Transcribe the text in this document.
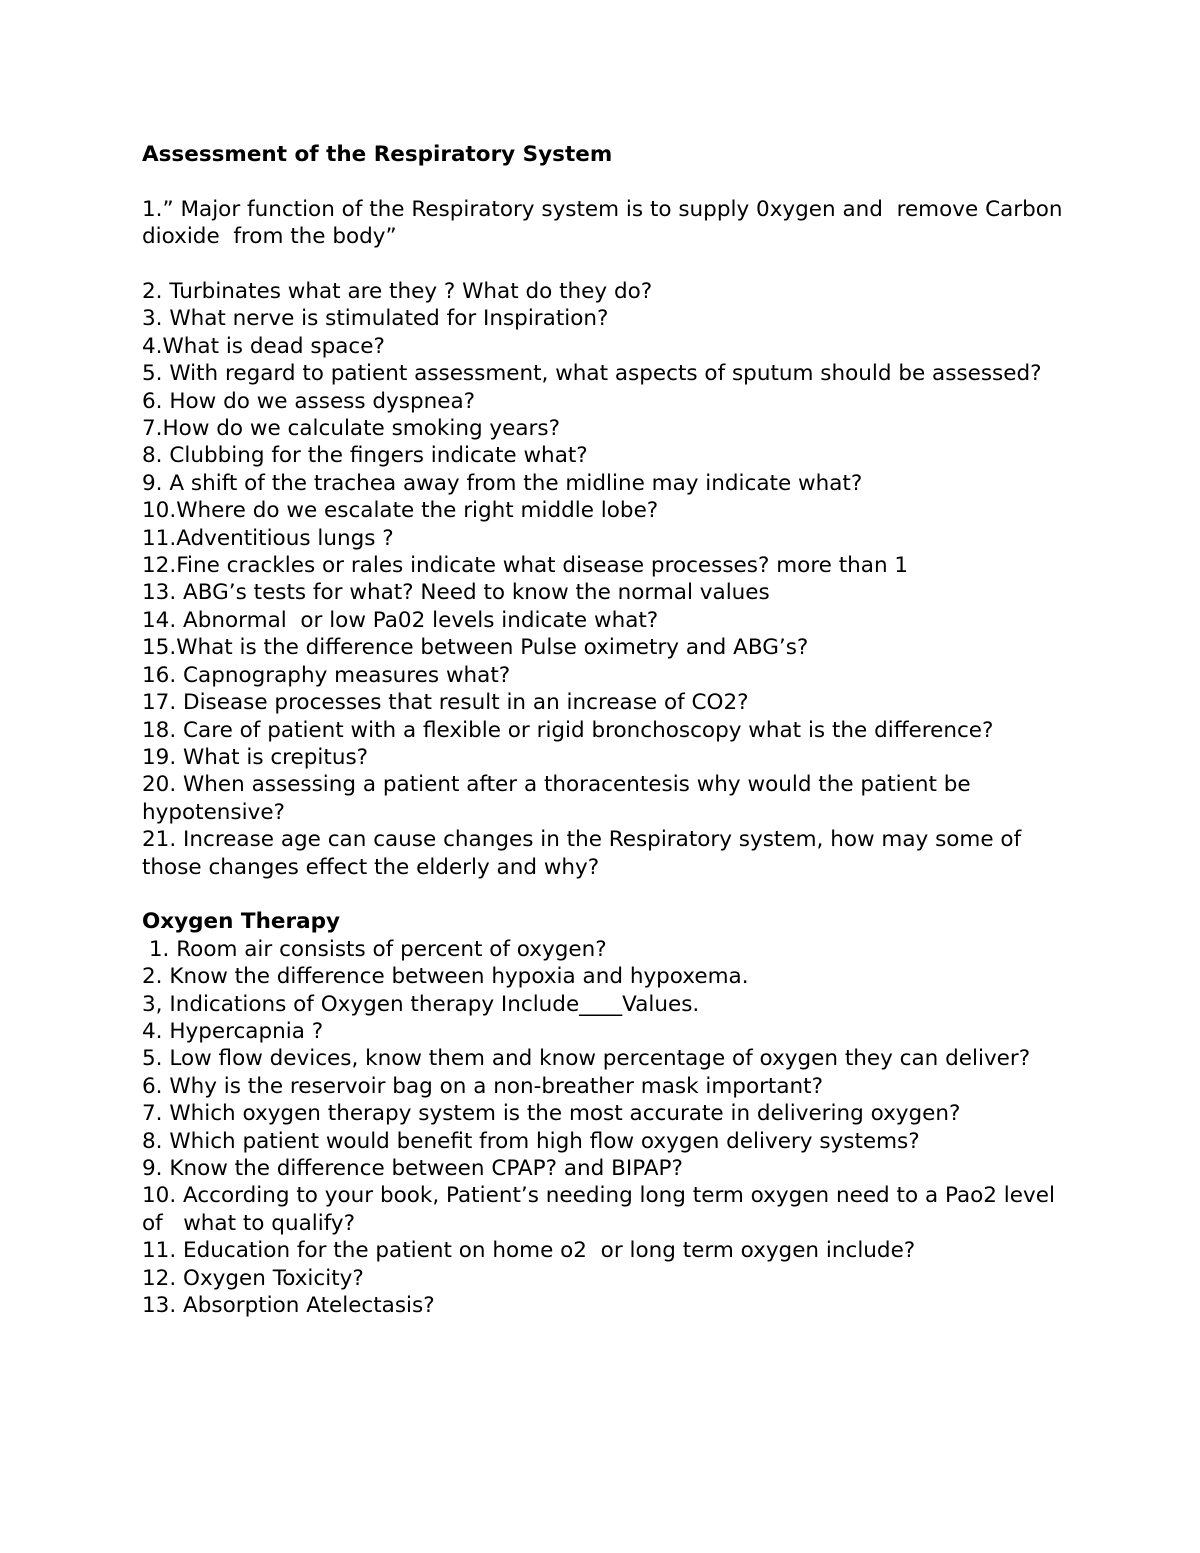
Assessment of the Respiratory System

1.” Major function of the Respiratory system is to supply 0xygen and  remove Carbon dioxide  from the body”

2. Turbinates what are they ? What do they do?

3. What nerve is stimulated for Inspiration?

4.What is dead space?

5. With regard to patient assessment, what aspects of sputum should be assessed?

6. How do we assess dyspnea?

7.How do we calculate smoking years?

8. Clubbing for the fingers indicate what?

9. A shift of the trachea away from the midline may indicate what?

10.Where do we escalate the right middle lobe?

11.Adventitious lungs ?

12.Fine crackles or rales indicate what disease processes? more than 1

13. ABG’s tests for what? Need to know the normal values

14. Abnormal  or low Pa02 levels indicate what?

15.What is the difference between Pulse oximetry and ABG’s?

16. Capnography measures what?

17. Disease processes that result in an increase of CO2?

18. Care of patient with a flexible or rigid bronchoscopy what is the difference?

19. What is crepitus?

20. When assessing a patient after a thoracentesis why would the patient be hypotensive?

21. Increase age can cause changes in the Respiratory system, how may some of those changes effect the elderly and why?

Oxygen Therapy

1. Room air consists of percent of oxygen?

2. Know the difference between hypoxia and hypoxema.

3, Indications of Oxygen therapy Include____Values.

4. Hypercapnia ?

5. Low flow devices, know them and know percentage of oxygen they can deliver?

6. Why is the reservoir bag on a non-breather mask important?

7. Which oxygen therapy system is the most accurate in delivering oxygen?

8. Which patient would benefit from high flow oxygen delivery systems?

9. Know the difference between CPAP? and BIPAP?

10. According to your book, Patient’s needing long term oxygen need to a Pao2 level of   what to qualify?

11. Education for the patient on home o2  or long term oxygen include?

12. Oxygen Toxicity?

13. Absorption Atelectasis?
